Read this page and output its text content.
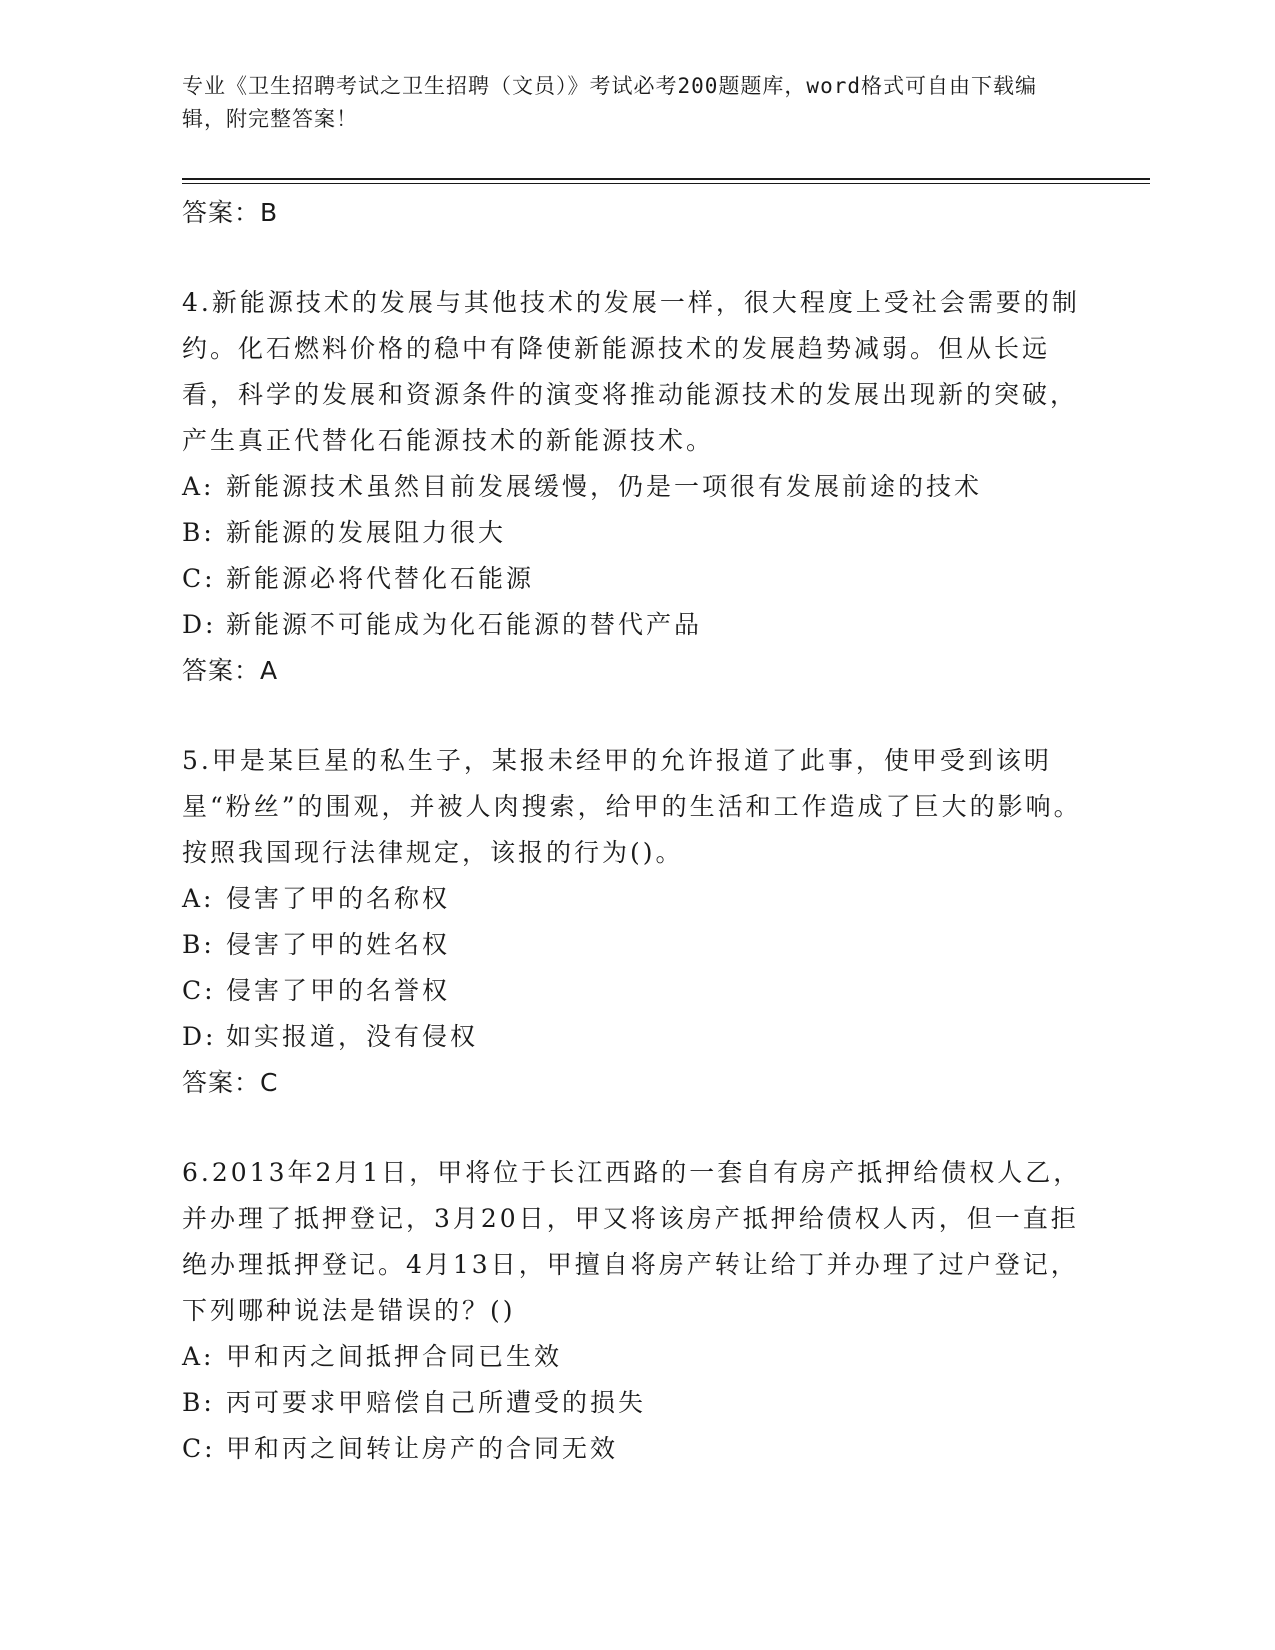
专业《卫生招聘考试之卫生招聘（文员）》考试必考200题题库，word格式可自由下载编辑，附完整答案！
答案：B
4.新能源技术的发展与其他技术的发展一样，很大程度上受社会需要的制约。化石燃料价格的稳中有降使新能源技术的发展趋势减弱。但从长远看，科学的发展和资源条件的演变将推动能源技术的发展出现新的突破，产生真正代替化石能源技术的新能源技术。
A: 新能源技术虽然目前发展缓慢，仍是一项很有发展前途的技术
B: 新能源的发展阻力很大
C: 新能源必将代替化石能源
D: 新能源不可能成为化石能源的替代产品
答案：A
5.甲是某巨星的私生子，某报未经甲的允许报道了此事，使甲受到该明星“粉丝”的围观，并被人肉搜索，给甲的生活和工作造成了巨大的影响。按照我国现行法律规定，该报的行为()。
A: 侵害了甲的名称权
B: 侵害了甲的姓名权
C: 侵害了甲的名誉权
D: 如实报道，没有侵权
答案：C
6.2013年2月1日，甲将位于长江西路的一套自有房产抵押给债权人乙，并办理了抵押登记，3月20日，甲又将该房产抵押给债权人丙，但一直拒绝办理抵押登记。4月13日，甲擅自将房产转让给丁并办理了过户登记，下列哪种说法是错误的？()
A: 甲和丙之间抵押合同已生效
B: 丙可要求甲赔偿自己所遭受的损失
C: 甲和丙之间转让房产的合同无效
